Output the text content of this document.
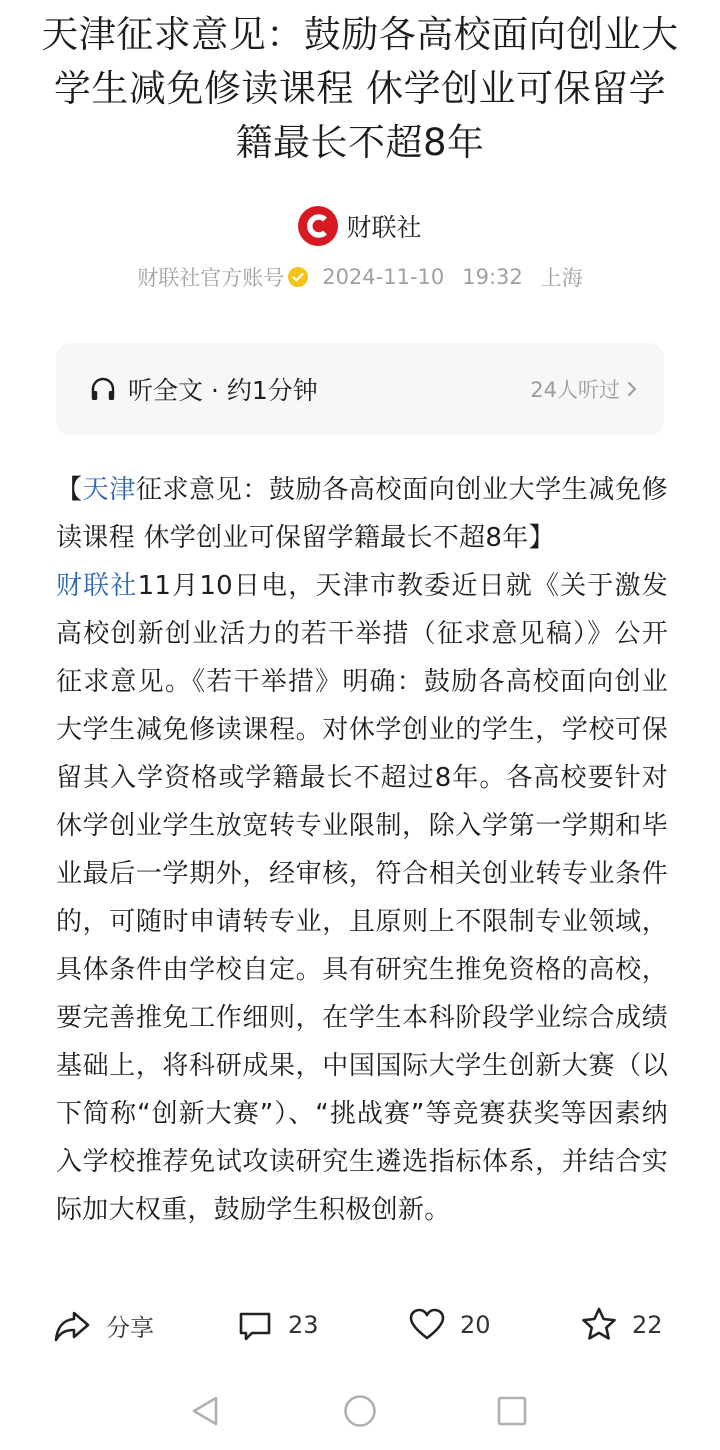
天津征求意见：鼓励各高校面向创业大学生减免修读课程 休学创业可保留学籍最长不超8年
财联社
财联社官方账号 2024-11-10 19:32 上海
听全文 · 约1分钟	24人听过

【天津征求意见：鼓励各高校面向创业大学生减免修读课程 休学创业可保留学籍最长不超8年】
财联社11月10日电，天津市教委近日就《关于激发高校创新创业活力的若干举措（征求意见稿）》公开征求意见。《若干举措》明确：鼓励各高校面向创业大学生减免修读课程。对休学创业的学生，学校可保留其入学资格或学籍最长不超过8年。各高校要针对休学创业学生放宽转专业限制，除入学第一学期和毕业最后一学期外，经审核，符合相关创业转专业条件的，可随时申请转专业，且原则上不限制专业领域，具体条件由学校自定。具有研究生推免资格的高校，要完善推免工作细则，在学生本科阶段学业综合成绩基础上，将科研成果，中国国际大学生创新大赛（以下简称“创新大赛”）、“挑战赛”等竞赛获奖等因素纳入学校推荐免试攻读研究生遴选指标体系，并结合实际加大权重，鼓励学生积极创新。

分享	23	20	22
